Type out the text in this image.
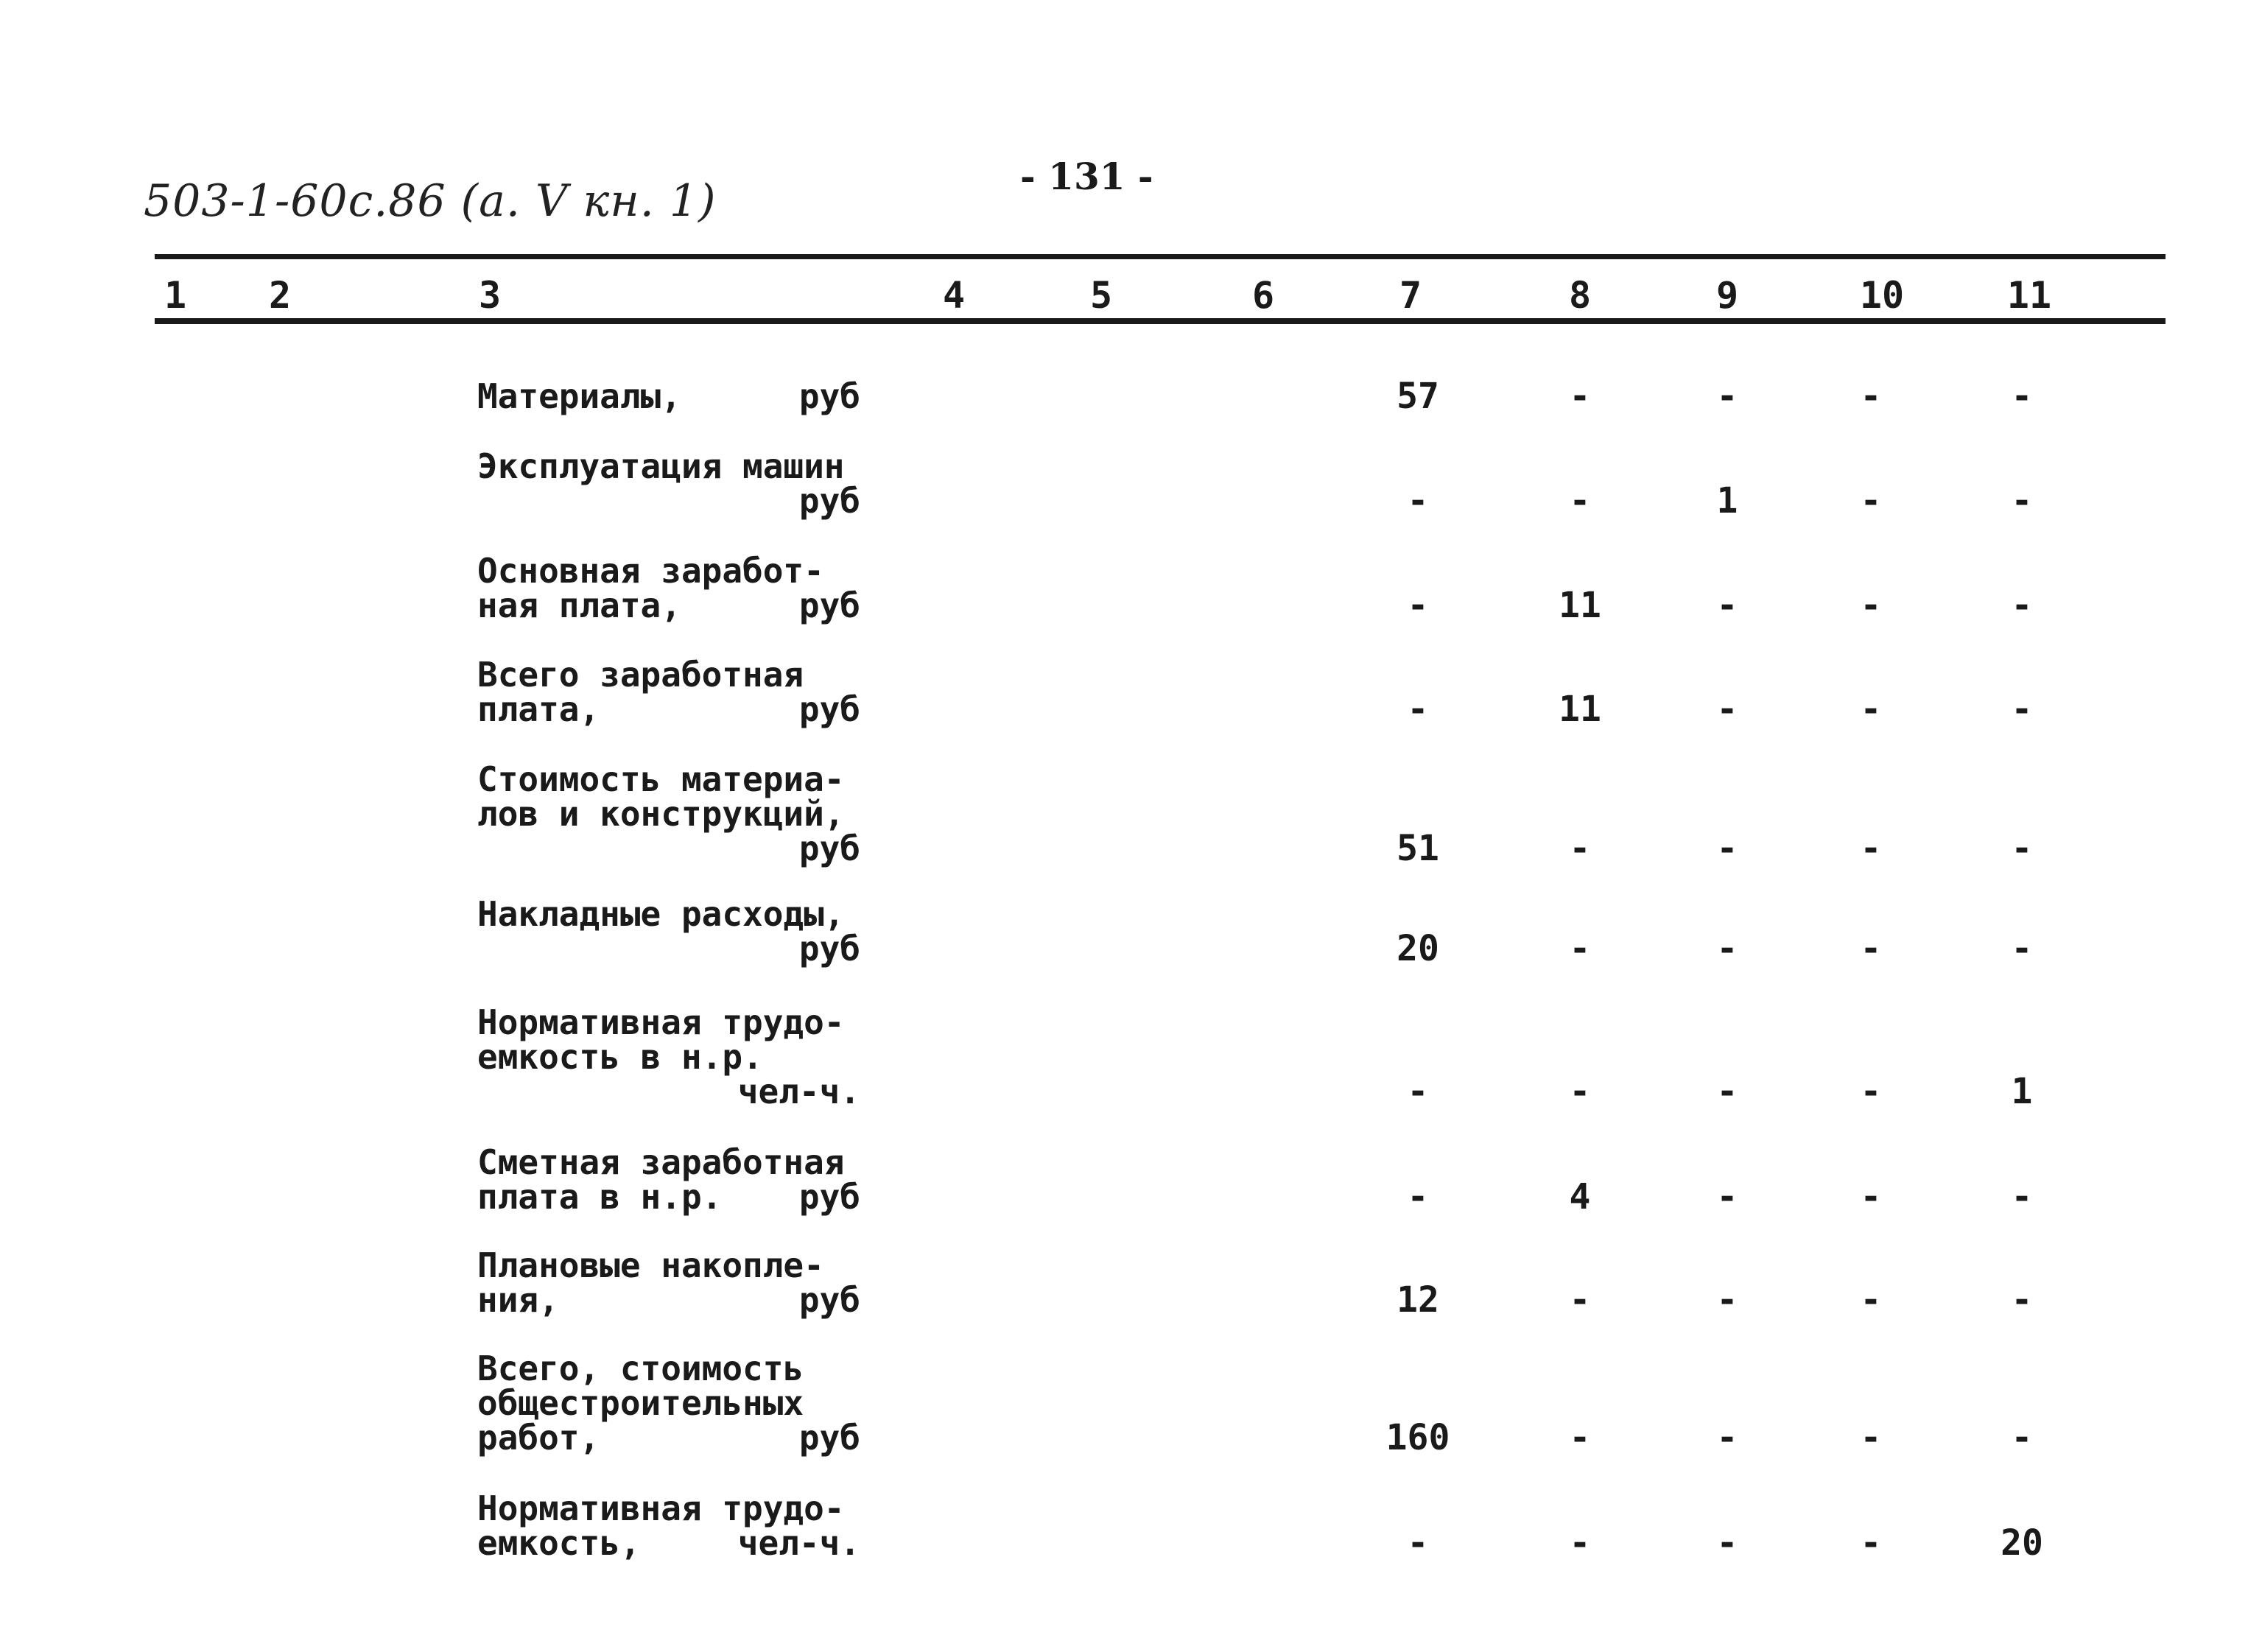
503-1-60с.86 (а. V кн. 1)	- 131 -
1	2	3	4	5	6	7	8	9	10	11
Материалы,	руб	57	-	-	-	-
Эксплуатация машин
руб	-	-	1	-	-
Основная заработ-
ная плата,	руб	-	11	-	-	-
Всего заработная
плата,	руб	-	11	-	-	-
Стоимость материа-
лов и конструкций,
руб	51	-	-	-	-
Накладные расходы,
руб	20	-	-	-	-
Нормативная трудо-
емкость в н.р.
чел-ч.	-	-	-	-	1
Сметная заработная
плата в н.р. руб	-	4	-	-	-
Плановые накопле-
ния,	руб	12	-	-	-	-
Всего, стоимость
общестроительных
работ,	руб	160	-	-	-	-
Нормативная трудо-
емкость,	чел-ч.	-	-	-	-	20
